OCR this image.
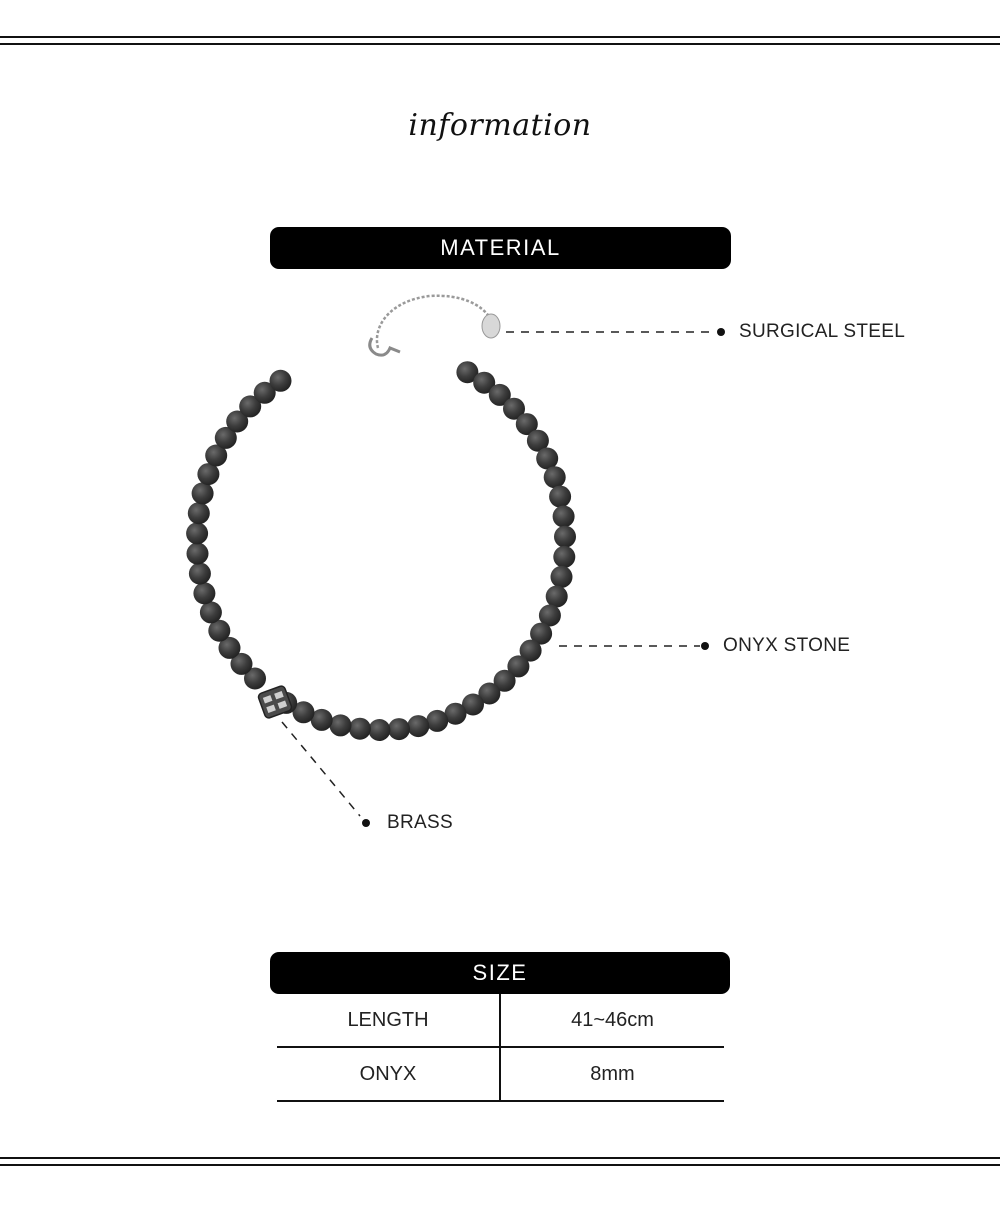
information
MATERIAL
SURGICAL STEEL
ONYX STONE
BRASS
SIZE
LENGTH	41~46cm
ONYX	8mm
